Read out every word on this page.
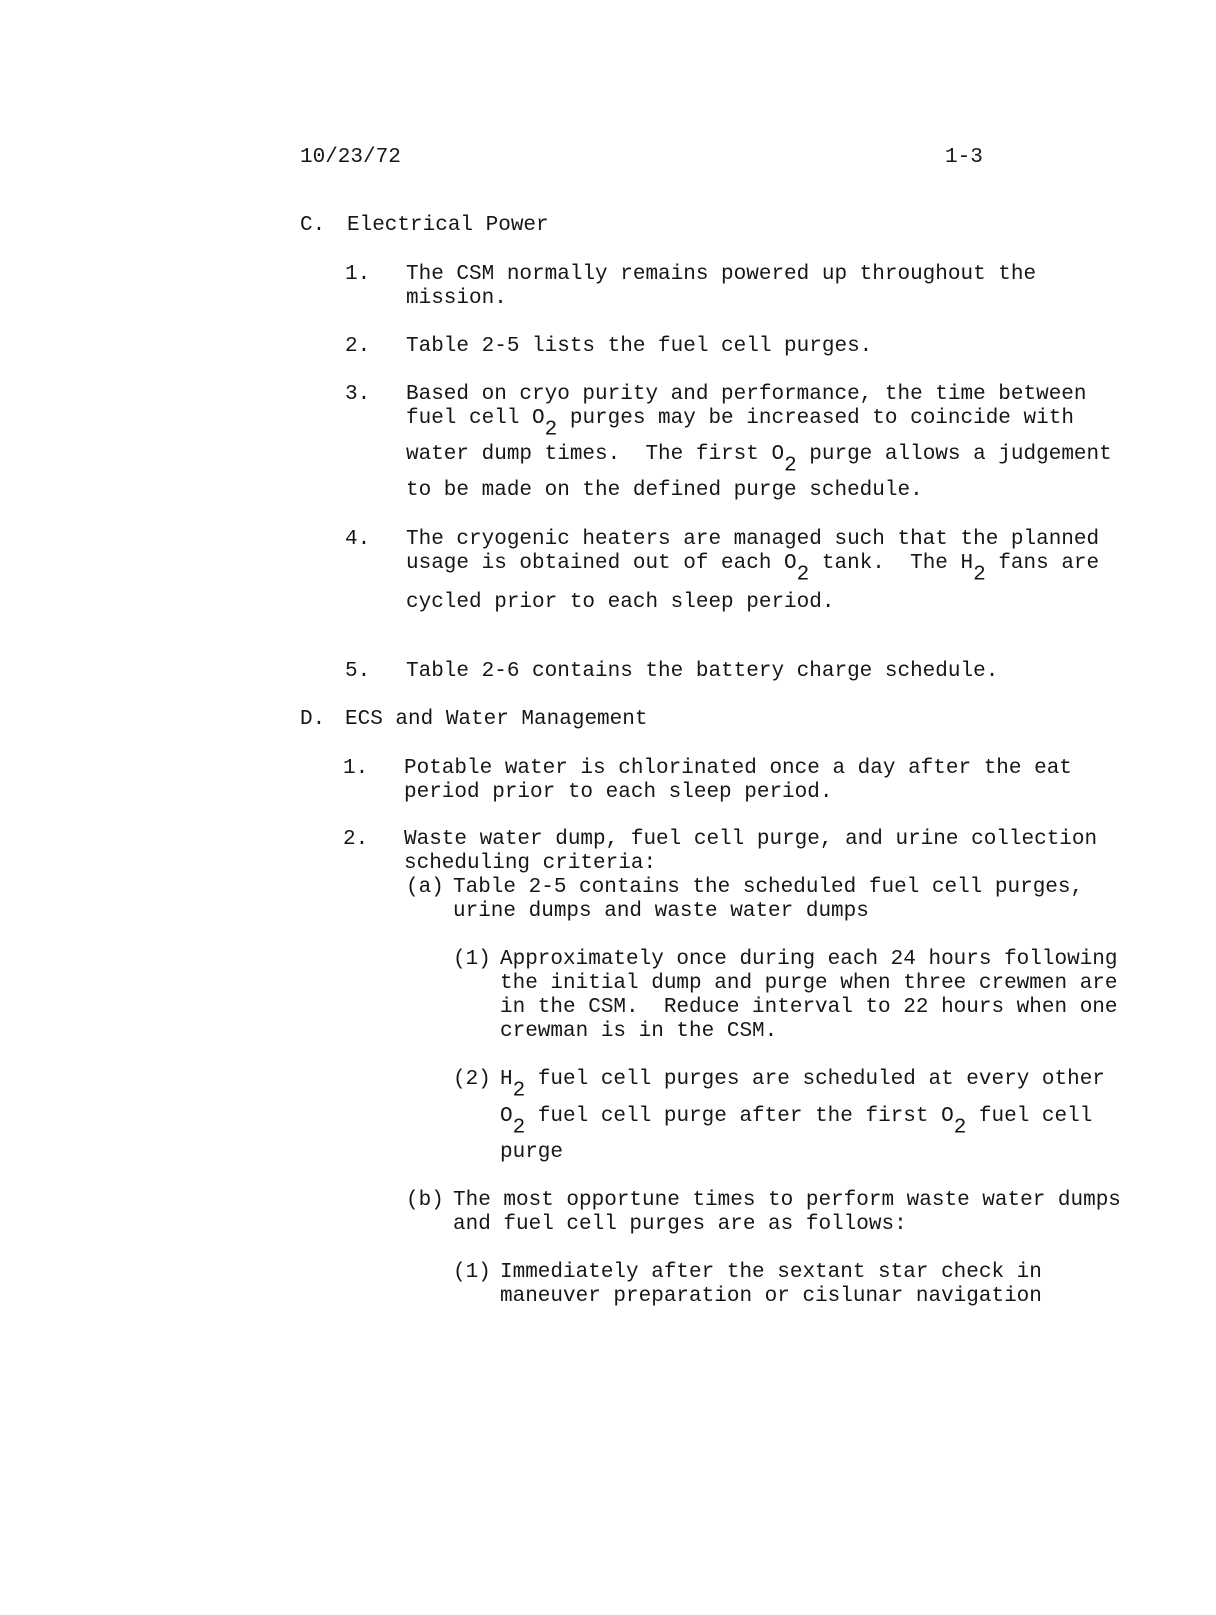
10/23/72	1-3
C. Electrical Power
1. The CSM normally remains powered up throughout the
mission.
2. Table 2-5 lists the fuel cell purges.
3. Based on cryo purity and performance, the time between
fuel cell $O_2$ purges may be increased to coincide with
water dump times.  The first $O_2$ purge allows a judgement
to be made on the defined purge schedule.
4. The cryogenic heaters are managed such that the planned
usage is obtained out of each $O_2$ tank.  The $H_2$ fans are
cycled prior to each sleep period.
5. Table 2-6 contains the battery charge schedule.
D. ECS and Water Management
1. Potable water is chlorinated once a day after the eat
period prior to each sleep period.
2. Waste water dump, fuel cell purge, and urine collection
scheduling criteria:
(a) Table 2-5 contains the scheduled fuel cell purges,
urine dumps and waste water dumps
(1) Approximately once during each 24 hours following
the initial dump and purge when three crewmen are
in the CSM.  Reduce interval to 22 hours when one
crewman is in the CSM.
(2) $H_2$ fuel cell purges are scheduled at every other
$O_2$ fuel cell purge after the first $O_2$ fuel cell
purge
(b) The most opportune times to perform waste water dumps
and fuel cell purges are as follows:
(1) Immediately after the sextant star check in
maneuver preparation or cislunar navigation
